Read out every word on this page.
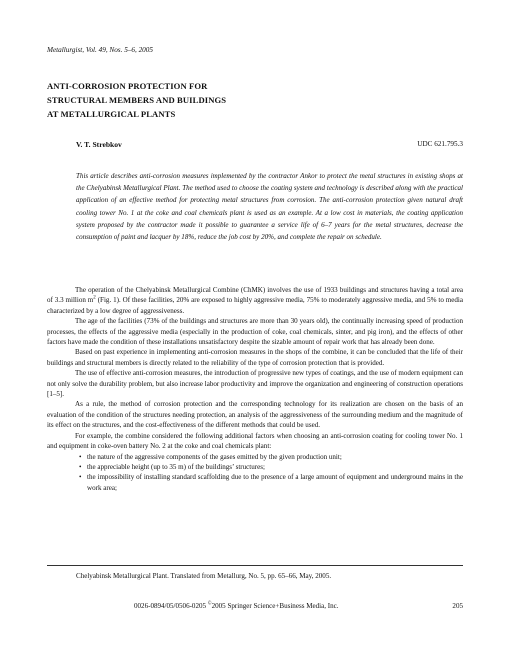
Metallurgist, Vol. 49, Nos. 5–6, 2005
ANTI-CORROSION PROTECTION FOR
STRUCTURAL MEMBERS AND BUILDINGS
AT METALLURGICAL PLANTS
V. T. Strebkov	UDC 621.795.3
This article describes anti-corrosion measures implemented by the contractor Ankor to protect the metal structures in existing shops at the Chelyabinsk Metallurgical Plant. The method used to choose the coating system and technology is described along with the practical application of an effective method for protecting metal structures from corrosion. The anti-corrosion protection given natural draft cooling tower No. 1 at the coke and coal chemicals plant is used as an example. At a low cost in materials, the coating application system proposed by the contractor made it possible to guarantee a service life of 6–7 years for the metal structures, decrease the consumption of paint and lacquer by 18%, reduce the job cost by 20%, and complete the repair on schedule.

The operation of the Chelyabinsk Metallurgical Combine (ChMK) involves the use of 1933 buildings and structures having a total area of 3.3 million $m^2$ (Fig. 1). Of these facilities, 20% are exposed to highly aggressive media, 75% to moderately aggressive media, and 5% to media characterized by a low degree of aggressiveness.

The age of the facilities (73% of the buildings and structures are more than 30 years old), the continually increasing speed of production processes, the effects of the aggressive media (especially in the production of coke, coal chemicals, sinter, and pig iron), and the effects of other factors have made the condition of these installations unsatisfactory despite the sizable amount of repair work that has already been done.

Based on past experience in implementing anti-corrosion measures in the shops of the combine, it can be concluded that the life of their buildings and structural members is directly related to the reliability of the type of corrosion protection that is provided.

The use of effective anti-corrosion measures, the introduction of progressive new types of coatings, and the use of modern equipment can not only solve the durability problem, but also increase labor productivity and improve the organization and engineering of construction operations [1–5].

As a rule, the method of corrosion protection and the corresponding technology for its realization are chosen on the basis of an evaluation of the condition of the structures needing protection, an analysis of the aggressiveness of the surrounding medium and the magnitude of its effect on the structures, and the cost-effectiveness of the different methods that could be used.

For example, the combine considered the following additional factors when choosing an anti-corrosion coating for cooling tower No. 1 and equipment in coke-oven battery No. 2 at the coke and coal chemicals plant:

• the nature of the aggressive components of the gases emitted by the given production unit;
• the appreciable height (up to 35 m) of the buildings’ structures;
• the impossibility of installing standard scaffolding due to the presence of a large amount of equipment and underground mains in the work area;
Chelyabinsk Metallurgical Plant. Translated from Metallurg, No. 5, pp. 65–66, May, 2005.
0026-0894/05/0506-0205 ©2005 Springer Science+Business Media, Inc.	205
